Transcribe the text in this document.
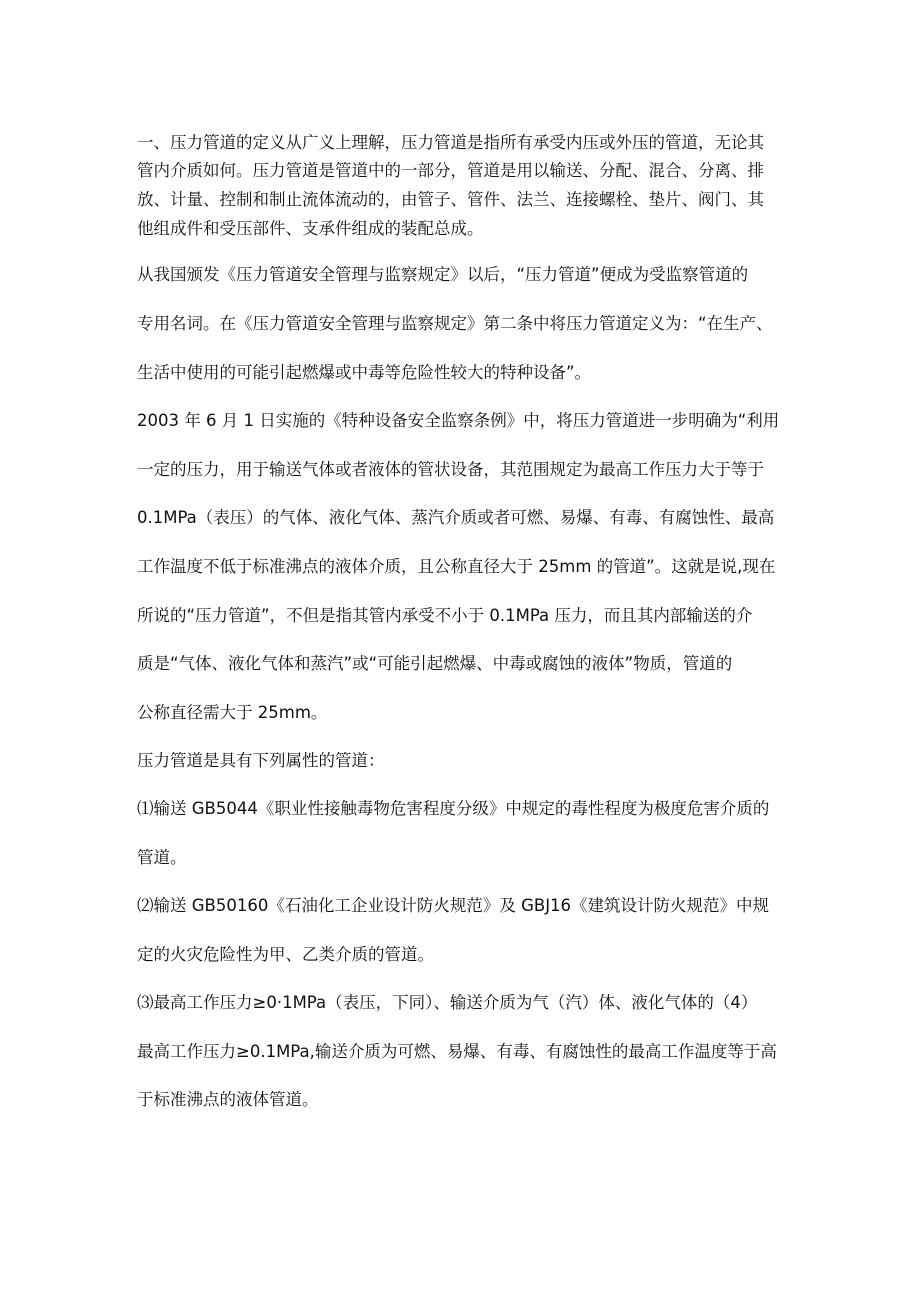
一、压力管道的定义从广义上理解，压力管道是指所有承受内压或外压的管道，无论其
管内介质如何。压力管道是管道中的一部分，管道是用以输送、分配、混合、分离、排
放、计量、控制和制止流体流动的，由管子、管件、法兰、连接螺栓、垫片、阀门、其
他组成件和受压部件、支承件组成的装配总成。
从我国颁发《压力管道安全管理与监察规定》以后，“压力管道”便成为受监察管道的
专用名词。在《压力管道安全管理与监察规定》第二条中将压力管道定义为：“在生产、
生活中使用的可能引起燃爆或中毒等危险性较大的特种设备”。
2003 年 6 月 1 日实施的《特种设备安全监察条例》中，将压力管道进一步明确为“利用
一定的压力，用于输送气体或者液体的管状设备，其范围规定为最高工作压力大于等于
0.1MPa（表压）的气体、液化气体、蒸汽介质或者可燃、易爆、有毒、有腐蚀性、最高
工作温度不低于标准沸点的液体介质，且公称直径大于 25mm 的管道”。这就是说,现在
所说的“压力管道”，不但是指其管内承受不小于 0.1MPa 压力，而且其内部输送的介
质是“气体、液化气体和蒸汽”或“可能引起燃爆、中毒或腐蚀的液体”物质，管道的
公称直径需大于 25mm。
压力管道是具有下列属性的管道：
⑴输送 GB5044《职业性接触毒物危害程度分级》中规定的毒性程度为极度危害介质的
管道。
⑵输送 GB50160《石油化工企业设计防火规范》及 GBJ16《建筑设计防火规范》中规
定的火灾危险性为甲、乙类介质的管道。
⑶最高工作压力≥0·1MPa（表压，下同）、输送介质为气（汽）体、液化气体的（4）
最高工作压力≥0.1MPa,输送介质为可燃、易爆、有毒、有腐蚀性的最高工作温度等于高
于标准沸点的液体管道。
